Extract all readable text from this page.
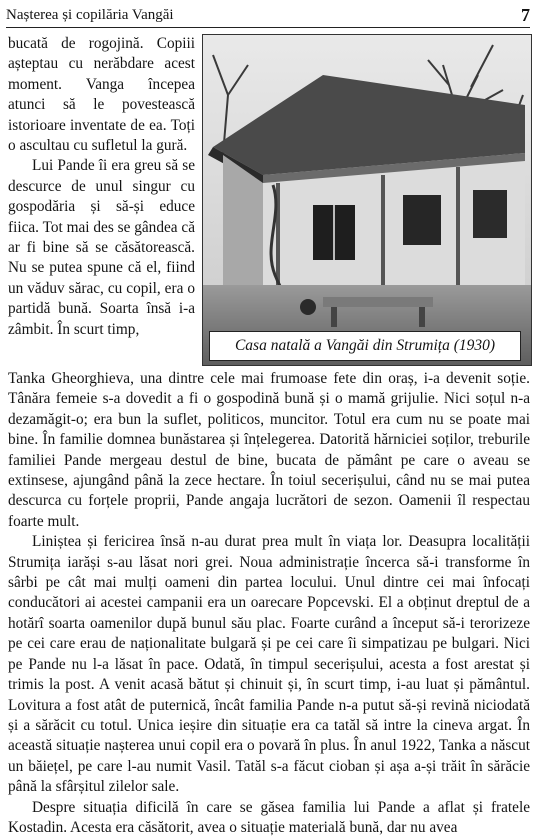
Nașterea și copilăria Vangăi	7

bucată de rogojină. Copiii așteptau cu nerăbdare acest moment. Vanga începea atunci să le povestească istorioare inventate de ea. Toți o ascultau cu sufletul la gură.

Lui Pande îi era greu să se descurce de unul singur cu gospodăria și să-și educe fiica. Tot mai des se gândea că ar fi bine să se căsătorească. Nu se putea spune că el, fiind un văduv sărac, cu copil, era o partidă bună. Soarta însă i-a zâmbit. În scurt timp,

Casa natală a Vangăi din Strumița (1930)

Tanka Gheorghieva, una dintre cele mai frumoase fete din oraș, i-a devenit soție. Tânăra femeie s-a dovedit a fi o gospodină bună și o mamă grijulie. Nici soțul n-a dezamăgit-o; era bun la suflet, politicos, muncitor. Totul era cum nu se poate mai bine. În familie domnea bunăstarea și înțelegerea. Datorită hărniciei soților, treburile familiei Pande mergeau destul de bine, bucata de pământ pe care o aveau se extinsese, ajungând până la zece hectare. În toiul secerișului, când nu se mai putea descurca cu forțele proprii, Pande angaja lucrători de sezon. Oamenii îl respectau foarte mult.

Liniștea și fericirea însă n-au durat prea mult în viața lor. Deasupra localității Strumița iarăși s-au lăsat nori grei. Noua administrație încerca să-i transforme în sârbi pe cât mai mulți oameni din partea locului. Unul dintre cei mai înfocați conducători ai acestei campanii era un oarecare Popcevski. El a obținut dreptul de a hotărî soarta oamenilor după bunul său plac. Foarte curând a început să-i terorizeze pe cei care erau de naționalitate bulgară și pe cei care îi simpatizau pe bulgari. Nici pe Pande nu l-a lăsat în pace. Odată, în timpul secerișului, acesta a fost arestat și trimis la post. A venit acasă bătut și chinuit și, în scurt timp, i-au luat și pământul. Lovitura a fost atât de puternică, încât familia Pande n-a putut să-și revină niciodată și a sărăcit cu totul. Unica ieșire din situație era ca tatăl să intre la cineva argat. În această situație nașterea unui copil era o povară în plus. În anul 1922, Tanka a născut un băiețel, pe care l-au numit Vasil. Tatăl s-a făcut cioban și așa a-și trăit în sărăcie până la sfârșitul zilelor sale.

Despre situația dificilă în care se găsea familia lui Pande a aflat și fratele Kostadin. Acesta era căsătorit, avea o situație materială bună, dar nu avea
